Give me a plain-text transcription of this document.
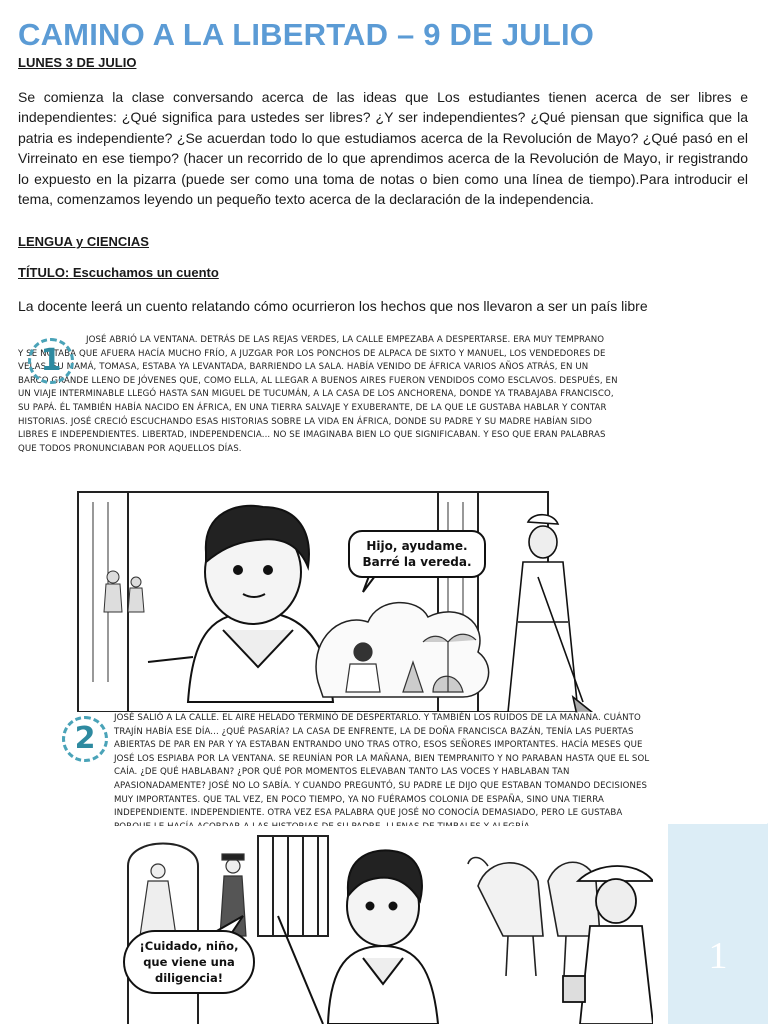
CAMINO A LA LIBERTAD – 9 DE JULIO
LUNES 3 DE JULIO

Se comienza la clase conversando acerca de las ideas que Los estudiantes tienen acerca de ser libres e independientes: ¿Qué significa para ustedes ser libres? ¿Y ser independientes? ¿Qué piensan que significa que la patria es independiente? ¿Se acuerdan todo lo que estudiamos acerca de la Revolución de Mayo? ¿Qué pasó en el Virreinato en ese tiempo? (hacer un recorrido de lo que aprendimos acerca de la Revolución de Mayo, ir registrando lo expuesto en la pizarra (puede ser como una toma de notas o bien como una línea de tiempo).Para introducir el tema, comenzamos leyendo un pequeño texto acerca de la declaración de la independencia.

LENGUA y CIENCIAS
TÍTULO: Escuchamos un cuento
La docente leerá un cuento relatando cómo ocurrieron los hechos que nos llevaron a ser un país libre

JOSÉ ABRIÓ LA VENTANA. DETRÁS DE LAS REJAS VERDES, LA CALLE EMPEZABA A DESPERTARSE. ERA MUY TEMPRANO
Y SE NOTABA QUE AFUERA HACÍA MUCHO FRÍO, A JUZGAR POR LOS PONCHOS DE ALPACA DE SIXTO Y MANUEL, LOS VENDEDORES DE VELAS. SU MAMÁ, TOMASA, ESTABA YA LEVANTADA, BARRIENDO LA SALA. HABÍA VENIDO DE ÁFRICA VARIOS AÑOS ATRÁS, EN UN BARCO GRANDE LLENO DE JÓVENES QUE, COMO ELLA, AL LLEGAR A BUENOS AIRES FUERON VENDIDOS COMO ESCLAVOS. DESPUÉS, EN UN VIAJE INTERMINABLE LLEGÓ HASTA SAN MIGUEL DE TUCUMÁN, A LA CASA DE LOS ANCHORENA, DONDE YA TRABAJABA FRANCISCO, SU PAPÁ. ÉL TAMBIÉN HABÍA NACIDO EN ÁFRICA, EN UNA TIERRA SALVAJE Y EXUBERANTE, DE LA QUE LE GUSTABA HABLAR Y CONTAR HISTORIAS. JOSÉ CRECIÓ ESCUCHANDO ESAS HISTORIAS SOBRE LA VIDA EN ÁFRICA, DONDE SU PADRE Y SU MADRE HABÍAN SIDO LIBRES E INDEPENDIENTES. LIBERTAD, INDEPENDENCIA... NO SE IMAGINABA BIEN LO QUE SIGNIFICABAN. Y ESO QUE ERAN PALABRAS QUE TODOS PRONUNCIABAN POR AQUELLOS DÍAS.

1
Hijo, ayudame. Barré la vereda.
2

JOSÉ SALIÓ A LA CALLE. EL AIRE HELADO TERMINÓ DE DESPERTARLO. Y TAMBIÉN LOS RUIDOS DE LA MAÑANA. CUÁNTO TRAJÍN HABÍA ESE DÍA... ¿QUÉ PASARÍA? LA CASA DE ENFRENTE, LA DE DOÑA FRANCISCA BAZÁN, TENÍA LAS PUERTAS ABIERTAS DE PAR EN PAR Y YA ESTABAN ENTRANDO UNO TRAS OTRO, ESOS SEÑORES IMPORTANTES. HACÍA MESES QUE JOSÉ LOS ESPIABA POR LA VENTANA. SE REUNÍAN POR LA MAÑANA, BIEN TEMPRANITO Y NO PARABAN HASTA QUE EL SOL CAÍA. ¿DE QUÉ HABLABAN? ¿POR QUÉ POR MOMENTOS ELEVABAN TANTO LAS VOCES Y HABLABAN TAN APASIONADAMENTE? JOSÉ NO LO SABÍA. Y CUANDO PREGUNTÓ, SU PADRE LE DIJO QUE ESTABAN TOMANDO DECISIONES MUY IMPORTANTES. QUE TAL VEZ, EN POCO TIEMPO, YA NO FUÉRAMOS COLONIA DE ESPAÑA, SINO UNA TIERRA INDEPENDIENTE. INDEPENDIENTE. OTRA VEZ ESA PALABRA QUE JOSÉ NO CONOCÍA DEMASIADO, PERO LE GUSTABA

¡Cuidado, niño, que viene una diligencia!
1
